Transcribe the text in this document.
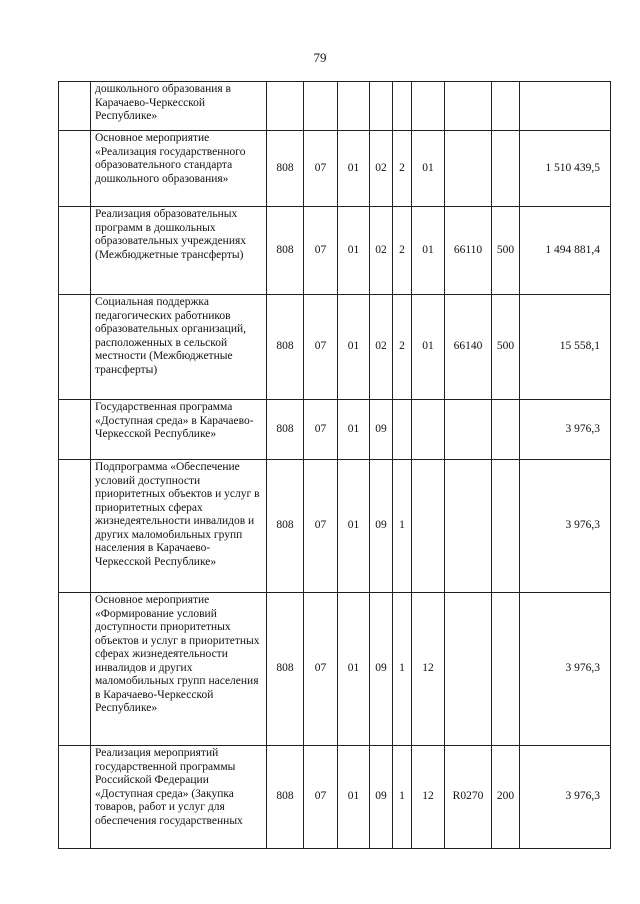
79
	дошкольного образования в Карачаево-Черкесской Республике»									
	Основное мероприятие «Реализация государственного образовательного стандарта дошкольного образования»	808	07	01	02	2	01			1 510 439,5
	Реализация образовательных программ в дошкольных образовательных учреждениях (Межбюджетные трансферты)	808	07	01	02	2	01	66110	500	1 494 881,4
	Социальная поддержка педагогических работников образовательных организаций, расположенных в сельской местности (Межбюджетные трансферты)	808	07	01	02	2	01	66140	500	15 558,1
	Государственная программа «Доступная среда» в Карачаево-Черкесской Республике»	808	07	01	09					3 976,3
	Подпрограмма «Обеспечение условий доступности приоритетных объектов и услуг в приоритетных сферах жизнедеятельности инвалидов и других маломобильных групп населения в Карачаево-Черкесской Республике»	808	07	01	09	1				3 976,3
	Основное мероприятие «Формирование условий доступности приоритетных объектов и услуг в приоритетных сферах жизнедеятельности инвалидов и других маломобильных групп населения в Карачаево-Черкесской Республике»	808	07	01	09	1	12			3 976,3
	Реализация мероприятий государственной программы Российской Федерации «Доступная среда» (Закупка товаров, работ и услуг для обеспечения государственных	808	07	01	09	1	12	R0270	200	3 976,3
